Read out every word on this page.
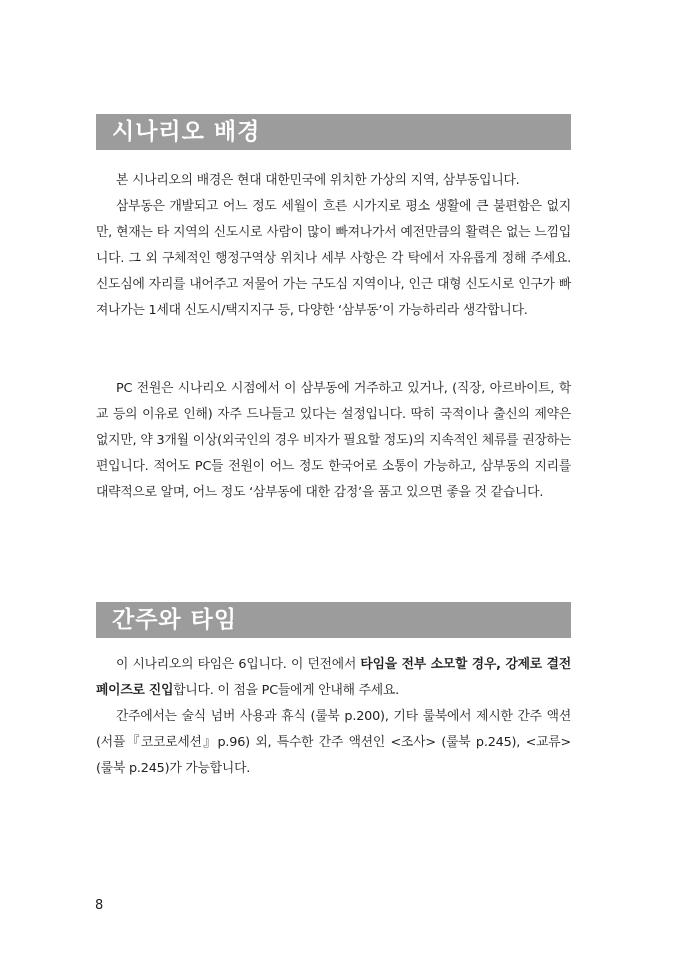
시나리오 배경

본 시나리오의 배경은 현대 대한민국에 위치한 가상의 지역, 삼부동입니다.

삼부동은 개발되고 어느 정도 세월이 흐른 시가지로 평소 생활에 큰 불편함은 없지만, 현재는 타 지역의 신도시로 사람이 많이 빠져나가서 예전만큼의 활력은 없는 느낌입니다. 그 외 구체적인 행정구역상 위치나 세부 사항은 각 탁에서 자유롭게 정해 주세요. 신도심에 자리를 내어주고 저물어 가는 구도심 지역이나, 인근 대형 신도시로 인구가 빠져나가는 1세대 신도시/택지지구 등, 다양한 ‘삼부동’이 가능하리라 생각합니다.

PC 전원은 시나리오 시점에서 이 삼부동에 거주하고 있거나, (직장, 아르바이트, 학교 등의 이유로 인해) 자주 드나들고 있다는 설정입니다. 딱히 국적이나 출신의 제약은 없지만, 약 3개월 이상(외국인의 경우 비자가 필요할 정도)의 지속적인 체류를 권장하는 편입니다. 적어도 PC들 전원이 어느 정도 한국어로 소통이 가능하고, 삼부동의 지리를 대략적으로 알며, 어느 정도 ‘삼부동에 대한 감정’을 품고 있으면 좋을 것 같습니다.

간주와 타임

이 시나리오의 타임은 6입니다. 이 던전에서 타임을 전부 소모할 경우, 강제로 결전 페이즈로 진입합니다. 이 점을 PC들에게 안내해 주세요.

간주에서는 술식 넘버 사용과 휴식 (룰북 p.200), 기타 룰북에서 제시한 간주 액션 (서플『코코로세션』p.96) 외, 특수한 간주 액션인 <조사> (룰북 p.245), <교류> (룰북 p.245)가 가능합니다.

8
